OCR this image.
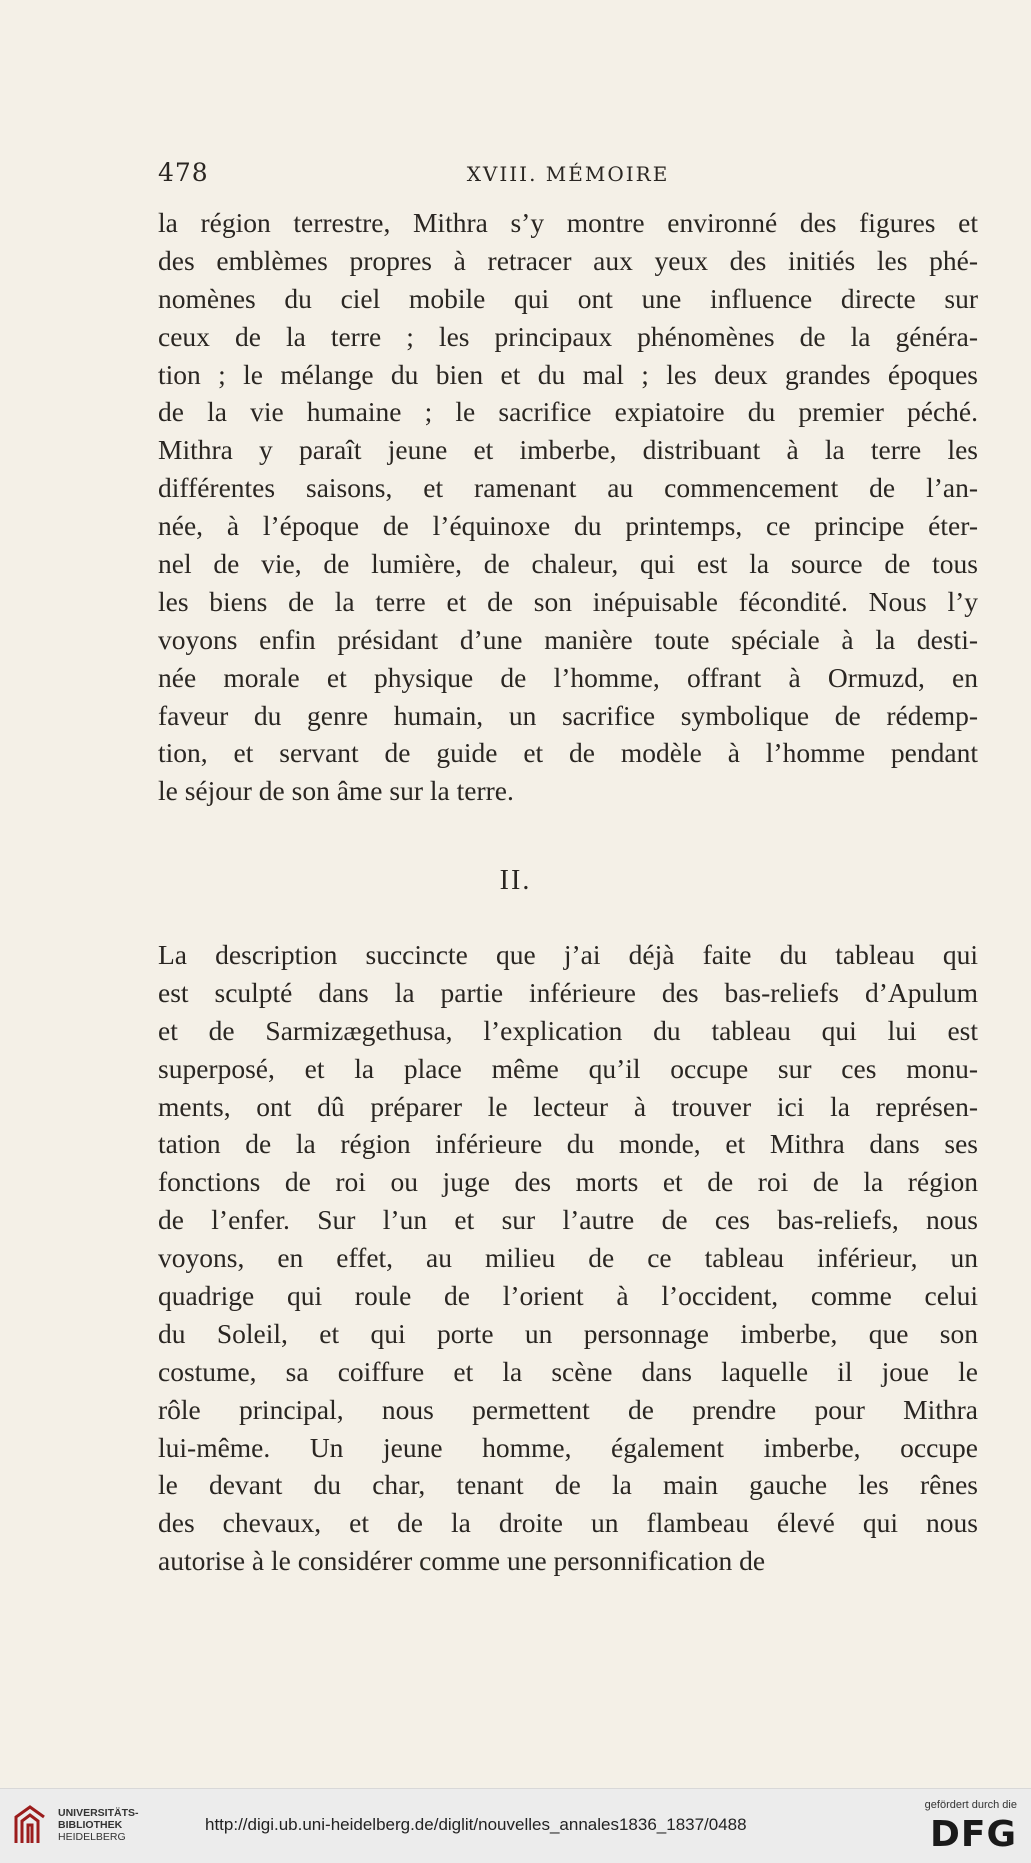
478	XVIII. MÉMOIRE
la région terrestre, Mithra s’y montre environné des figures et
des emblèmes propres à retracer aux yeux des initiés les phé-
nomènes du ciel mobile qui ont une influence directe sur
ceux de la terre ; les principaux phénomènes de la généra-
tion ; le mélange du bien et du mal ; les deux grandes époques
de la vie humaine ; le sacrifice expiatoire du premier péché.
Mithra y paraît jeune et imberbe, distribuant à la terre les
différentes saisons, et ramenant au commencement de l’an-
née, à l’époque de l’équinoxe du printemps, ce principe éter-
nel de vie, de lumière, de chaleur, qui est la source de tous
les biens de la terre et de son inépuisable fécondité. Nous l’y
voyons enfin présidant d’une manière toute spéciale à la desti-
née morale et physique de l’homme, offrant à Ormuzd, en
faveur du genre humain, un sacrifice symbolique de rédemp-
tion, et servant de guide et de modèle à l’homme pendant
le séjour de son âme sur la terre.
II.
La description succincte que j’ai déjà faite du tableau qui
est sculpté dans la partie inférieure des bas-reliefs d’Apulum
et de Sarmizægethusa, l’explication du tableau qui lui est
superposé, et la place même qu’il occupe sur ces monu-
ments, ont dû préparer le lecteur à trouver ici la représen-
tation de la région inférieure du monde, et Mithra dans ses
fonctions de roi ou juge des morts et de roi de la région
de l’enfer. Sur l’un et sur l’autre de ces bas-reliefs, nous
voyons, en effet, au milieu de ce tableau inférieur, un
quadrige qui roule de l’orient à l’occident, comme celui
du Soleil, et qui porte un personnage imberbe, que son
costume, sa coiffure et la scène dans laquelle il joue le
rôle principal, nous permettent de prendre pour Mithra
lui-même. Un jeune homme, également imberbe, occupe
le devant du char, tenant de la main gauche les rênes
des chevaux, et de la droite un flambeau élevé qui nous
autorise à le considérer comme une personnification de
UNIVERSITÄTS-
BIBLIOTHEK
HEIDELBERG
http://digi.ub.uni-heidelberg.de/diglit/nouvelles_annales1836_1837/0488
gefördert durch die
DFG
